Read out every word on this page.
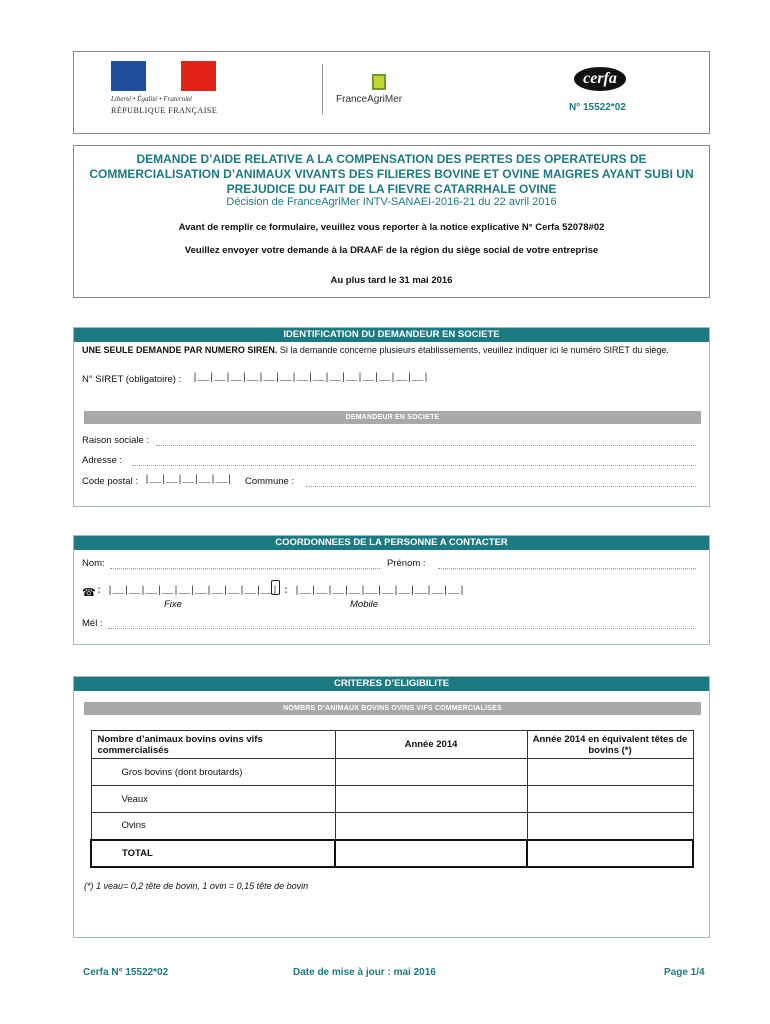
Liberté • Égalité • Fraternité
RÉPUBLIQUE FRANÇAISE
FranceAgriMer
cerfa
N° 15522*02
DEMANDE D’AIDE RELATIVE A LA COMPENSATION DES PERTES DES OPERATEURS DE COMMERCIALISATION D’ANIMAUX VIVANTS DES FILIERES BOVINE ET OVINE MAIGRES AYANT SUBI UN PREJUDICE DU FAIT DE LA FIEVRE CATARRHALE OVINE
Décision de FranceAgriMer INTV-SANAEI-2016-21 du 22 avril 2016
Avant de remplir ce formulaire, veuillez vous reporter à la notice explicative N° Cerfa 52078#02
Veuillez envoyer votre demande à la DRAAF de la région du siège social de votre entreprise
Au plus tard le 31 mai 2016
IDENTIFICATION DU DEMANDEUR EN SOCIETE
UNE SEULE DEMANDE PAR NUMERO SIREN. Si la demande concerne plusieurs établissements, veuillez indiquer ici le numéro SIRET du siège.
N° SIRET (obligatoire) : |__|__|__|__|__|__|__|__|__|__|__|__|__|__|
DEMANDEUR EN SOCIETE
Raison sociale :
Adresse :
Code postal : |__|__|__|__|__| Commune :
COORDONNEES DE LA PERSONNE A CONTACTER
Nom:	Prénom :
☎ : |__|__|__|__|__|__|__|__|__|__| : |__|__|__|__|__|__|__|__|__|__|
Fixe	Mobile
Mél :
CRITERES D’ELIGIBILITE
NOMBRE D’ANIMAUX BOVINS OVINS VIFS COMMERCIALISES
(*) 1 veau= 0,2 tête de bovin, 1 ovin = 0,15 tête de bovin
Nombre d’animaux bovins ovins vifs commercialisés	Année 2014	Année 2014 en équivalent têtes de bovins (*)
Gros bovins (dont broutards)		
Veaux		
Ovins		
TOTAL		
Cerfa N° 15522*02	Date de mise à jour : mai 2016	Page 1/4
